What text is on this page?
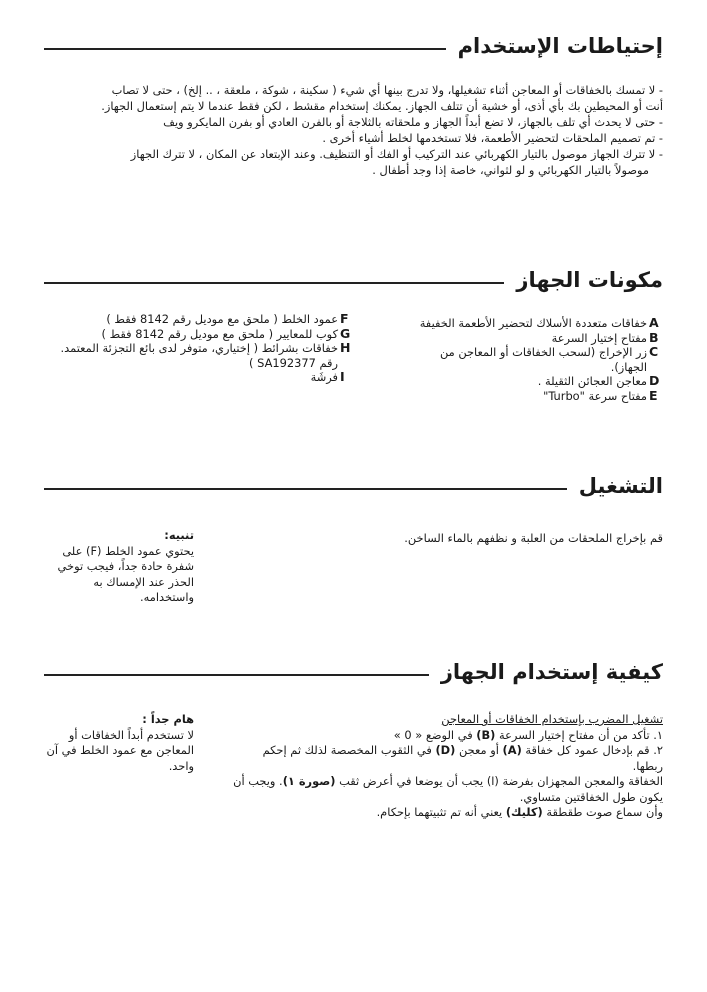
إحتياطات الإستخدام

- لا تمسك بالخفاقات أو المعاجن أثناء تشغيلها، ولا تدرج بينها أي شيء ( سكينة ، شوكة ، ملعقة ، .. إلخ) ، حتى لا تصاب

أنت أو المحيطين بك بأي أذى، أو خشية أن تتلف الجهاز. يمكنك إستخدام مقشط ، لكن فقط عندما لا يتم إستعمال الجهاز.

- حتى لا يحدث أي تلف بالجهاز، لا تضع أبداً الجهاز و ملحقاته بالثلاجة أو بالفرن العادي أو بفرن المايكرو ويف

- تم تصميم الملحقات لتحضير الأطعمة، فلا تستخدمها لخلط أشياء أخرى .

- لا تترك الجهاز موصول بالتيار الكهربائي عند التركيب أو الفك أو التنظيف. وعند الإبتعاد عن المكان ، لا تترك الجهاز

موصولاً بالتيار الكهربائي و لو لثواني، خاصة إذا وجد أطفال .

مكونات الجهاز
A
خفاقات متعددة الأسلاك لتحضير الأطعمة الخفيفة
B
مفتاح إختيار السرعة
C
زر الإخراج (لسحب الخفاقات أو المعاجن من الجهاز).
D
معاجن العجائن الثقيلة .
E
مفتاح سرعة "Turbo"
F
عمود الخلط ( ملحق مع موديل رقم 8142 فقط )
G
كوب للمعايير ( ملحق مع موديل رقم 8142 فقط )
H
خفاقات بشرائط ( إختياري، متوفر لدى بائع التجزئة المعتمد. رقم SA192377 )
I
فرشَة
التشغيل

قم بإخراج الملحقات من العلبة و نظفهم بالماء الساخن.

تنبيه:
يحتوي عمود الخلط (F) على شفرة حادة جداً، فيجب توخي الحذر عند الإمساك به واستخدامه.
كيفية إستخدام الجهاز

تشغيل المضرب بإستخدام الخفاقات أو المعاجن

١. تأكد من أن مفتاح إختيار السرعة (B) في الوضع « 0 »

٢. قم بإدخال عمود كل خفاقة (A) أو معجن (D) في الثقوب المخصصة لذلك ثم إحكم ربطها.

الخفاقة والمعجن المجهزان بفرضة (ا) يجب أن يوضعا في أعرض ثقب (صورة ١). ويجب أن يكون طول الخفاقتين متساوي.

وأن سماع صوت طقطقة (كليك) يعني أنه تم تثبيتهما بإحكام.

هام جداً :
لا تستخدم أبداً الخفاقات أو المعاجن مع عمود الخلط في آن واحد.
